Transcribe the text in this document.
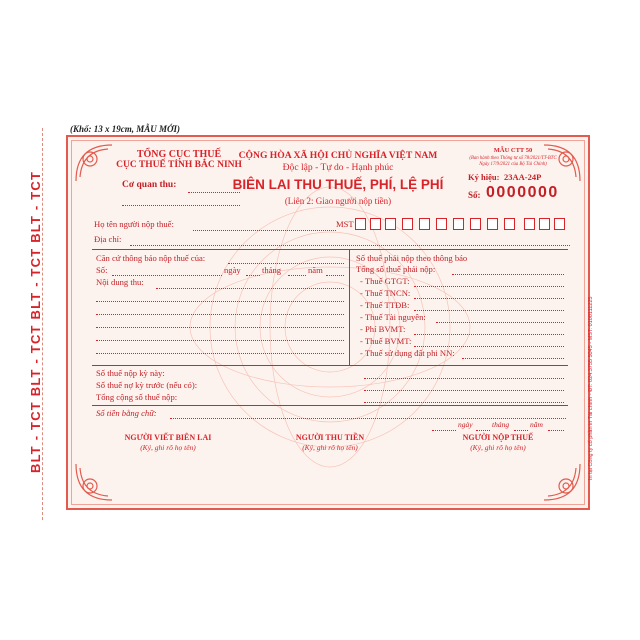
BLT - TCT BLT - TCT BLT - TCT BLT - TCT
(Khổ: 13 x 19cm, MẪU MỚI)
TỔNG CỤC THUẾ
CỤC THUẾ TỈNH BẮC NINH
Cơ quan thu:
CỘNG HÒA XÃ HỘI CHỦ NGHĨA VIỆT NAM
Độc lập - Tự do - Hạnh phúc
BIÊN LAI THU THUẾ, PHÍ, LỆ PHÍ
(Liên 2: Giao người nộp tiền)
MẪU CTT 50
(Ban hành theo Thông tư số 78/2021/TT-BTC
Ngày 17/9/2021 của Bộ Tài Chính)
Ký hiệu: 23AA-24P
Số: 0000000
Họ tên người nộp thuế:	MST
Địa chỉ:
Căn cứ thông báo nộp thuế của:
Số:	ngày tháng	năm
Nội dung thu:
Số thuế phải nộp theo thông báo
Tổng số thuế phải nộp:
- Thuế GTGT:
- Thuế TNCN:
- Thuế TTĐB:
- Thuế Tài nguyên:
- Phí BVMT:
- Thuế BVMT:
- Thuế sử dụng đất phi NN:
Số thuế nộp kỳ này:
Số thuế nợ kỳ trước (nếu có):
Tổng cộng số thuế nộp:
Số tiền bằng chữ:
ngày	tháng	năm
NGƯỜI VIẾT BIÊN LAI
(Ký, ghi rõ họ tên)
NGƯỜI THU TIỀN
(Ký, ghi rõ họ tên)
NGƯỜI NỘP THUẾ
(Ký, ghi rõ họ tên)	In tại Công ty cổ phần in Tài chính - ĐT: 024.3755 5045 - MST: 0100111225
